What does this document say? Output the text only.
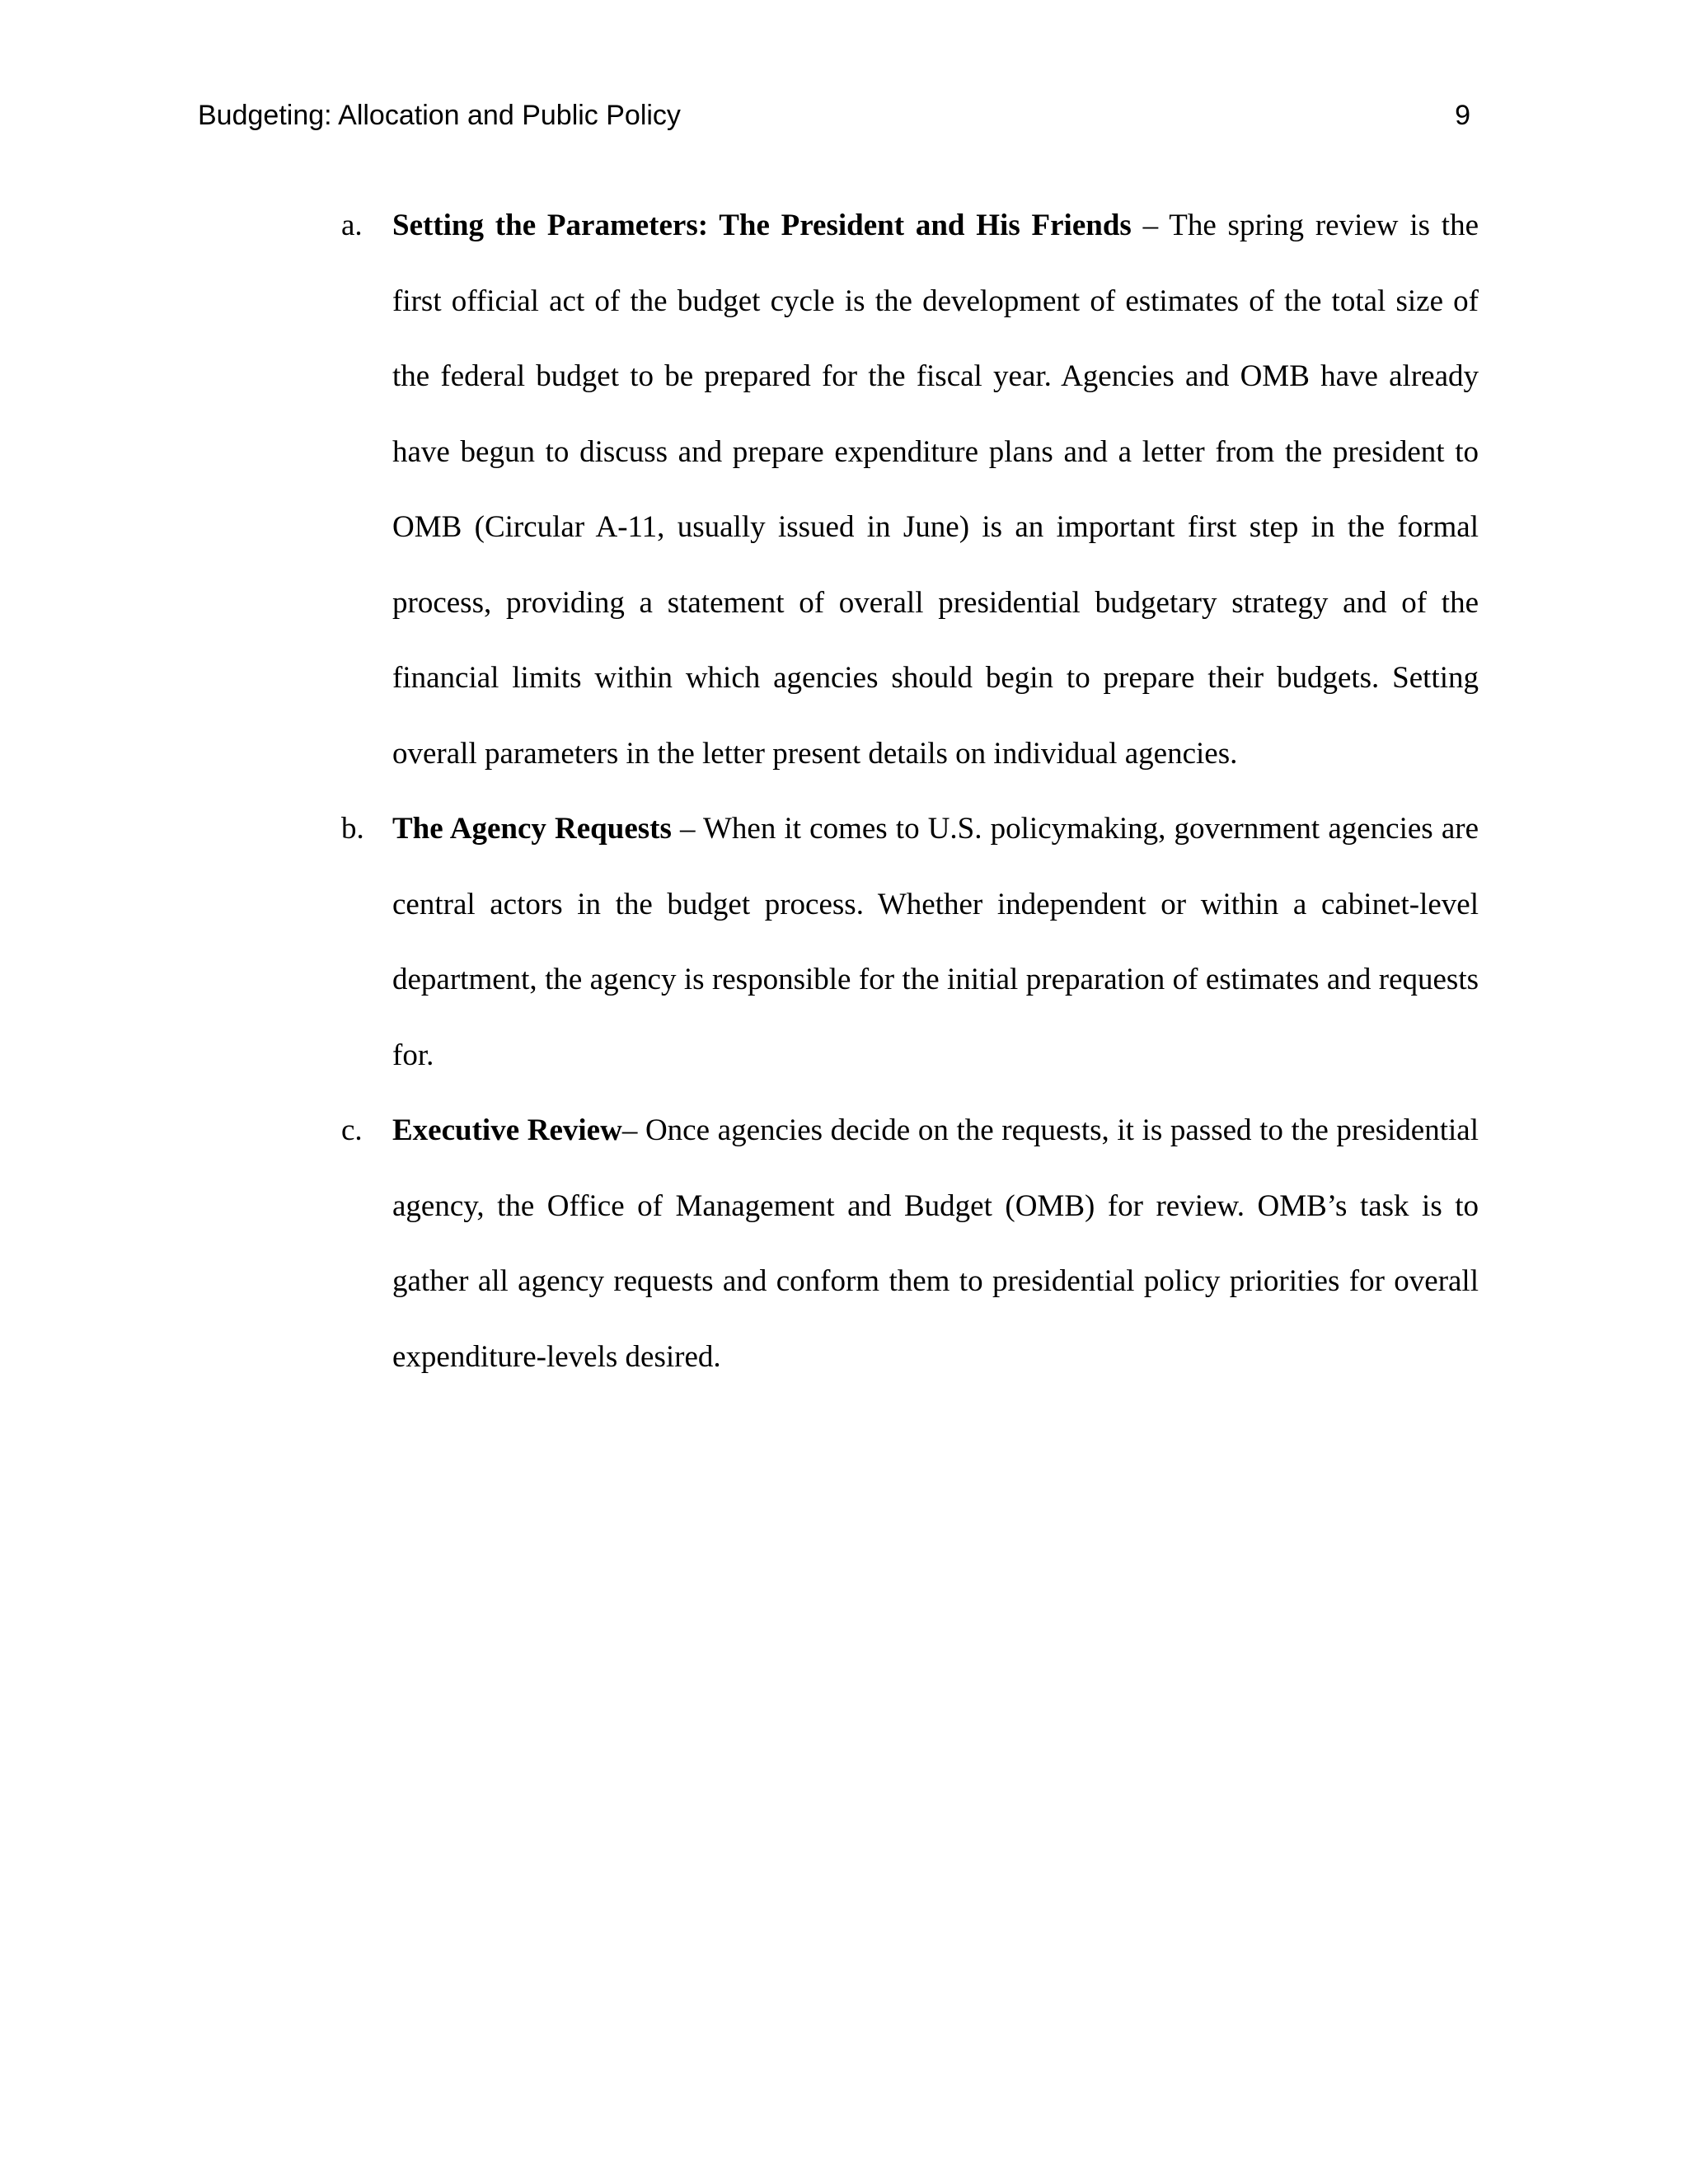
Budgeting: Allocation and Public Policy	9
a. Setting the Parameters: The President and His Friends – The spring review is the first official act of the budget cycle is the development of estimates of the total size of the federal budget to be prepared for the fiscal year. Agencies and OMB have already have begun to discuss and prepare expenditure plans and a letter from the president to OMB (Circular A-11, usually issued in June) is an important first step in the formal process, providing a statement of overall presidential budgetary strategy and of the financial limits within which agencies should begin to prepare their budgets. Setting overall parameters in the letter present details on individual agencies.
b. The Agency Requests – When it comes to U.S. policymaking, government agencies are central actors in the budget process. Whether independent or within a cabinet-level department, the agency is responsible for the initial preparation of estimates and requests for.
c. Executive Review– Once agencies decide on the requests, it is passed to the presidential agency, the Office of Management and Budget (OMB) for review. OMB’s task is to gather all agency requests and conform them to presidential policy priorities for overall expenditure-levels desired.
